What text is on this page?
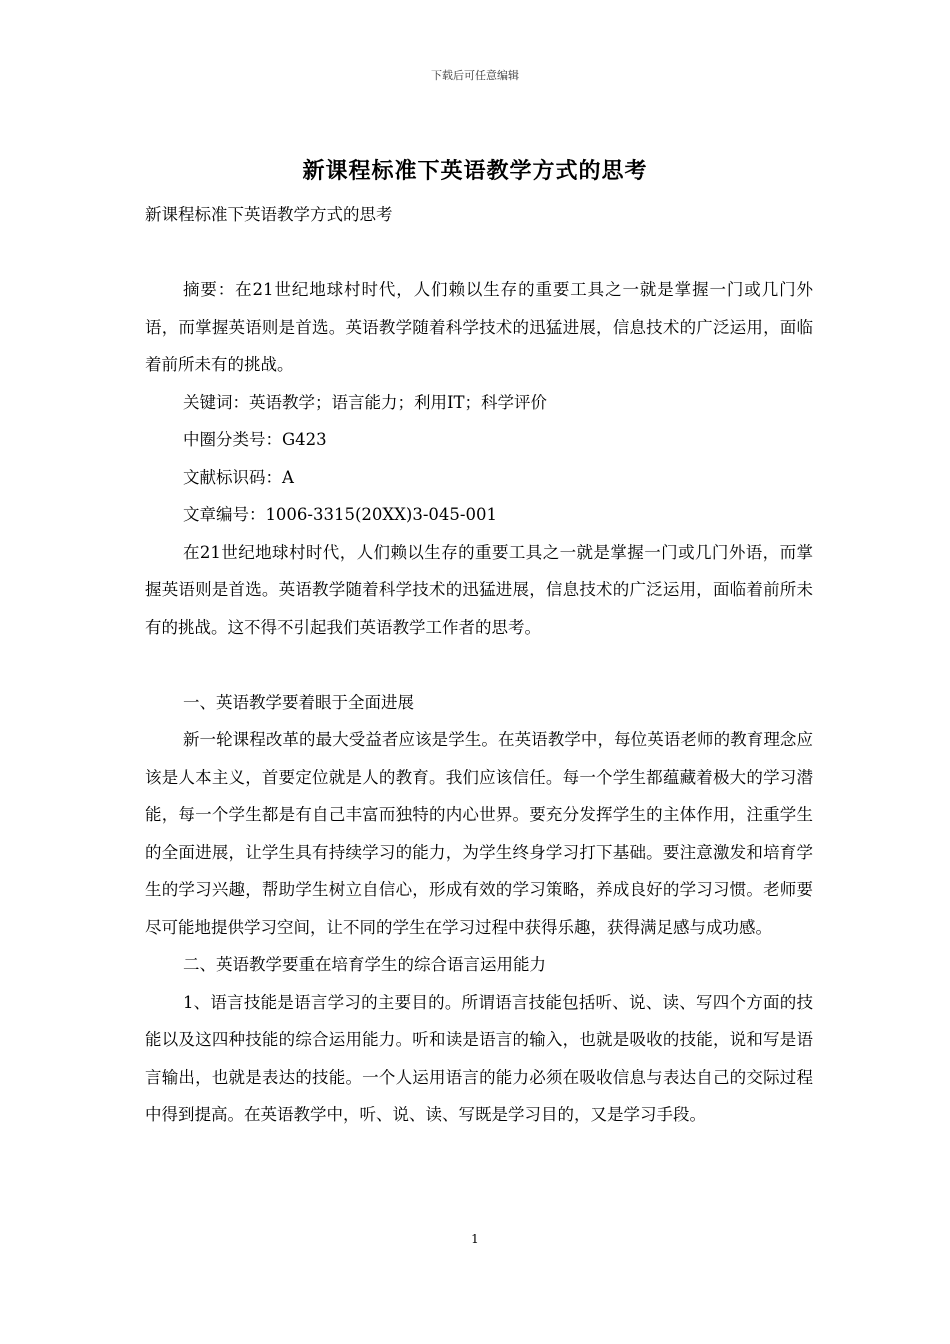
下载后可任意编辑
新课程标准下英语教学方式的思考

新课程标准下英语教学方式的思考

摘要：在21世纪地球村时代，人们赖以生存的重要工具之一就是掌握一门或几门外语，而掌握英语则是首选。英语教学随着科学技术的迅猛进展，信息技术的广泛运用，面临着前所未有的挑战。

关键词：英语教学；语言能力；利用IT；科学评价

中圈分类号：G423

文献标识码：A

文章编号：1006-3315(20XX)3-045-001

在21世纪地球村时代，人们赖以生存的重要工具之一就是掌握一门或几门外语，而掌握英语则是首选。英语教学随着科学技术的迅猛进展，信息技术的广泛运用，面临着前所未有的挑战。这不得不引起我们英语教学工作者的思考。

一、英语教学要着眼于全面进展

新一轮课程改革的最大受益者应该是学生。在英语教学中，每位英语老师的教育理念应该是人本主义，首要定位就是人的教育。我们应该信任。每一个学生都蕴藏着极大的学习潜能，每一个学生都是有自己丰富而独特的内心世界。要充分发挥学生的主体作用，注重学生的全面进展，让学生具有持续学习的能力，为学生终身学习打下基础。要注意激发和培育学生的学习兴趣，帮助学生树立自信心，形成有效的学习策略，养成良好的学习习惯。老师要尽可能地提供学习空间，让不同的学生在学习过程中获得乐趣，获得满足感与成功感。

二、英语教学要重在培育学生的综合语言运用能力

1、语言技能是语言学习的主要目的。所谓语言技能包括听、说、读、写四个方面的技能以及这四种技能的综合运用能力。听和读是语言的输入，也就是吸收的技能，说和写是语言输出，也就是表达的技能。一个人运用语言的能力必须在吸收信息与表达自己的交际过程中得到提高。在英语教学中，听、说、读、写既是学习目的，又是学习手段。

1
